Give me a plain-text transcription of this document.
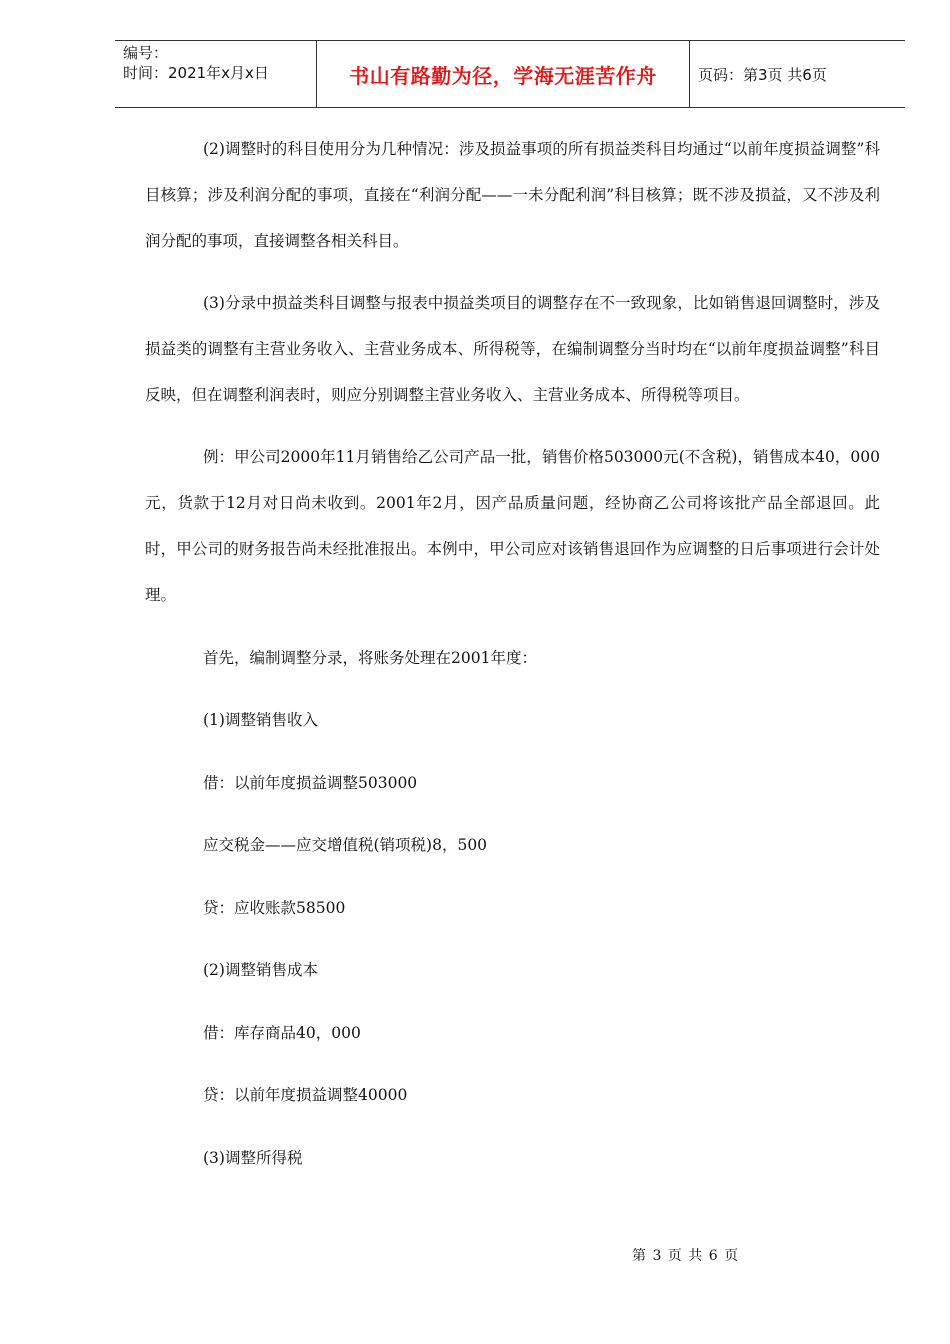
编号：
时间：2021年x月x日	书山有路勤为径，学海无涯苦作舟	页码：第3页 共6页

(2)调整时的科目使用分为几种情况：涉及损益事项的所有损益类科目均通过“以前年度损益调整”科目核算；涉及利润分配的事项，直接在“利润分配——一未分配利润”科目核算；既不涉及损益，又不涉及利润分配的事项，直接调整各相关科目。

(3)分录中损益类科目调整与报表中损益类项目的调整存在不一致现象，比如销售退回调整时，涉及损益类的调整有主营业务收入、主营业务成本、所得税等，在编制调整分当时均在“以前年度损益调整”科目反映，但在调整利润表时，则应分别调整主营业务收入、主营业务成本、所得税等项目。

例：甲公司2000年11月销售给乙公司产品一批，销售价格503000元(不含税)，销售成本40，000元，货款于12月对日尚未收到。2001年2月，因产品质量问题，经协商乙公司将该批产品全部退回。此时，甲公司的财务报告尚未经批准报出。本例中，甲公司应对该销售退回作为应调整的日后事项进行会计处理。

首先，编制调整分录，将账务处理在2001年度：

(1)调整销售收入

借：以前年度损益调整503000

应交税金——应交增值税(销项税)8，500

贷：应收账款58500

(2)调整销售成本

借：库存商品40，000

贷：以前年度损益调整40000

(3)调整所得税

第 3 页 共 6 页
